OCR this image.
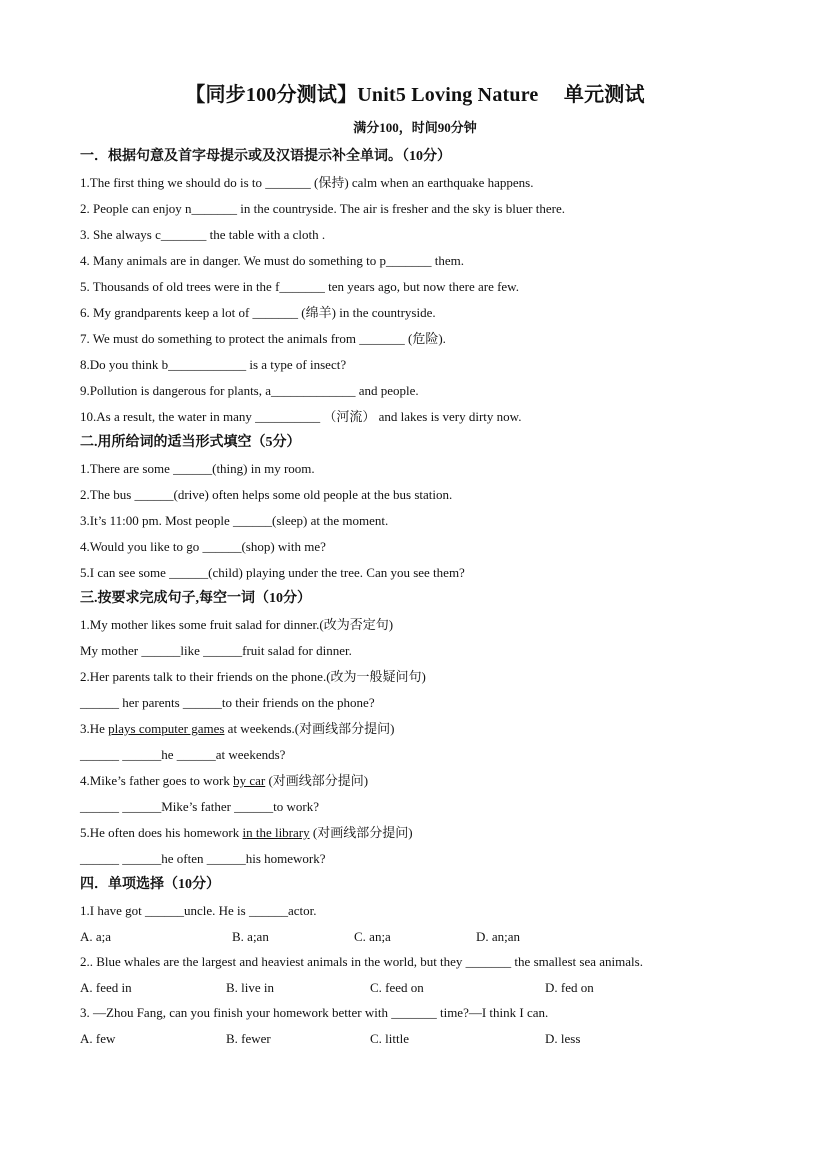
【同步100分测试】Unit5 Loving Nature　 单元测试
满分100，时间90分钟
一．根据句意及首字母提示或及汉语提示补全单词。（10分）
1.The first thing we should do is to _______ (保持) calm when an earthquake happens.
2. People can enjoy n_______ in the countryside. The air is fresher and the sky is bluer there.
3. She always c_______ the table with a cloth .
4. Many animals are in danger. We must do something to p_______ them.
5. Thousands of old trees were in the f_______ ten years ago, but now there are few.
6. My grandparents keep a lot of _______ (绵羊) in the countryside.
7. We must do something to protect the animals from _______ (危险).
8.Do you think b____________ is a type of insect?
9.Pollution is dangerous for plants, a_____________ and people.
10.As a result, the water in many __________ （河流） and lakes is very dirty now.
二.用所给词的适当形式填空（5分）
1.There are some ______(thing) in my room.
2.The bus ______(drive) often helps some old people at the bus station.
3.It’s 11:00 pm. Most people ______(sleep) at the moment.
4.Would you like to go ______(shop) with me?
5.I can see some ______(child) playing under the tree. Can you see them?
三.按要求完成句子,每空一词（10分）
1.My mother likes some fruit salad for dinner.(改为否定句)
My mother ______like ______fruit salad for dinner.
2.Her parents talk to their friends on the phone.(改为一般疑问句)
______ her parents ______to their friends on the phone?
3.He plays computer games at weekends.(对画线部分提问)
______ ______he ______at weekends?
4.Mike’s father goes to work by car (对画线部分提问)
______ ______Mike’s father ______to work?
5.He often does his homework in the library (对画线部分提问)
______ ______he often ______his homework?
四．单项选择（10分）
1.I have got ______uncle. He is ______actor.
A. a;a	B. a;an	C. an;a	D. an;an
2.. Blue whales are the largest and heaviest animals in the world, but they _______ the smallest sea animals.
A. feed in	B. live in	C. feed on	D. fed on
3. —Zhou Fang, can you finish your homework better with _______ time?—I think I can.
A. few	B. fewer	C. little	D. less
